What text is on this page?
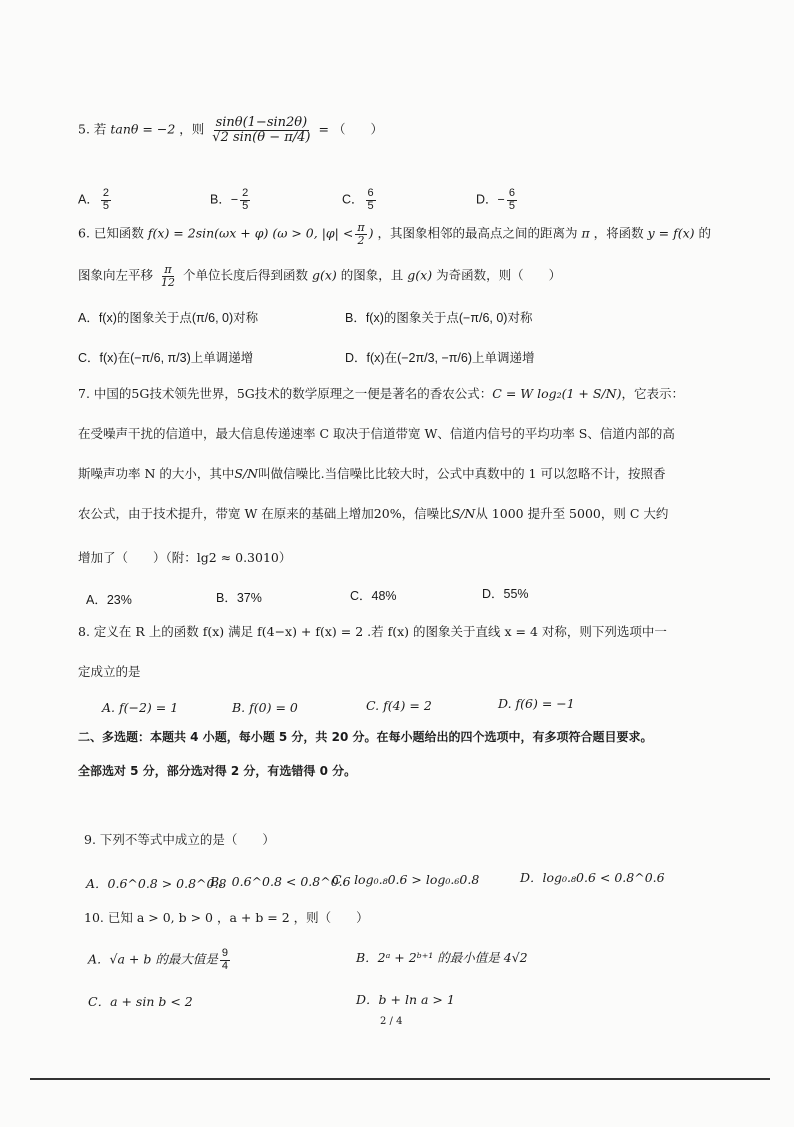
5. 若 tanθ = −2 ，则 $\frac{\sin\theta(1-\sin 2\theta)}{√2 \sin(\theta - \pi/4)}$ = （　　）
A． $\frac{2}{5}$	B．− $\frac{2}{5}$	C． $\frac{6}{5}$	D．− $\frac{6}{5}$
6. 已知函数 f(x) = 2sin(ωx + φ) (ω > 0, $|\varphi| < \frac{\pi}{2}$ ) ，其图象相邻的最高点之间的距离为 π ，将函数 y = f(x) 的
图象向左平移 $\frac{\pi}{12}$ 个单位长度后得到函数 g(x) 的图象，且 g(x) 为奇函数，则（　　）
A．f(x)的图象关于点(π/6, 0)对称	B．f(x)的图象关于点(−π/6, 0)对称
C．f(x)在(−π/6, π/3)上单调递增	D．f(x)在(−2π/3, −π/6)上单调递增
7. 中国的5G技术领先世界，5G技术的数学原理之一便是著名的香农公式：C = W log₂(1 + S/N)，它表示：
在受噪声干扰的信道中，最大信息传递速率 C 取决于信道带宽 W、信道内信号的平均功率 S、信道内部的高
斯噪声功率 N 的大小，其中S/N叫做信噪比.当信噪比比较大时，公式中真数中的 1 可以忽略不计，按照香
农公式，由于技术提升，带宽 W 在原来的基础上增加20%，信噪比S/N从 1000 提升至 5000，则 C 大约
增加了（　　）（附：lg2 ≈ 0.3010）
A．23%	B．37%	C．48%	D．55%
8. 定义在 R 上的函数 f(x) 满足 f(4−x) + f(x) = 2 .若 f(x) 的图象关于直线 x = 4 对称，则下列选项中一
定成立的是
A. f(−2) = 1	B. f(0) = 0	C. f(4) = 2	D. f(6) = −1
二、多选题：本题共 4 小题，每小题 5 分，共 20 分。在每小题给出的四个选项中，有多项符合题目要求。
全部选对 5 分，部分选对得 2 分，有选错得 0 分。
9. 下列不等式中成立的是（　　）
A．0.6^0.8 > 0.8^0.8
B．0.6^0.8 < 0.8^0.6
C．log₀.₈0.6 > log₀.₆0.8	D．log₀.₈0.6 < 0.8^0.6
10. 已知 a > 0, b > 0 ，a + b = 2 ，则（　　）
A．√a + b 的最大值是 $\frac{9}{4}$	B．2ᵃ + 2ᵇ⁺¹ 的最小值是 4√2
C．a + sin b < 2	D．b + ln a > 1
2 / 4
